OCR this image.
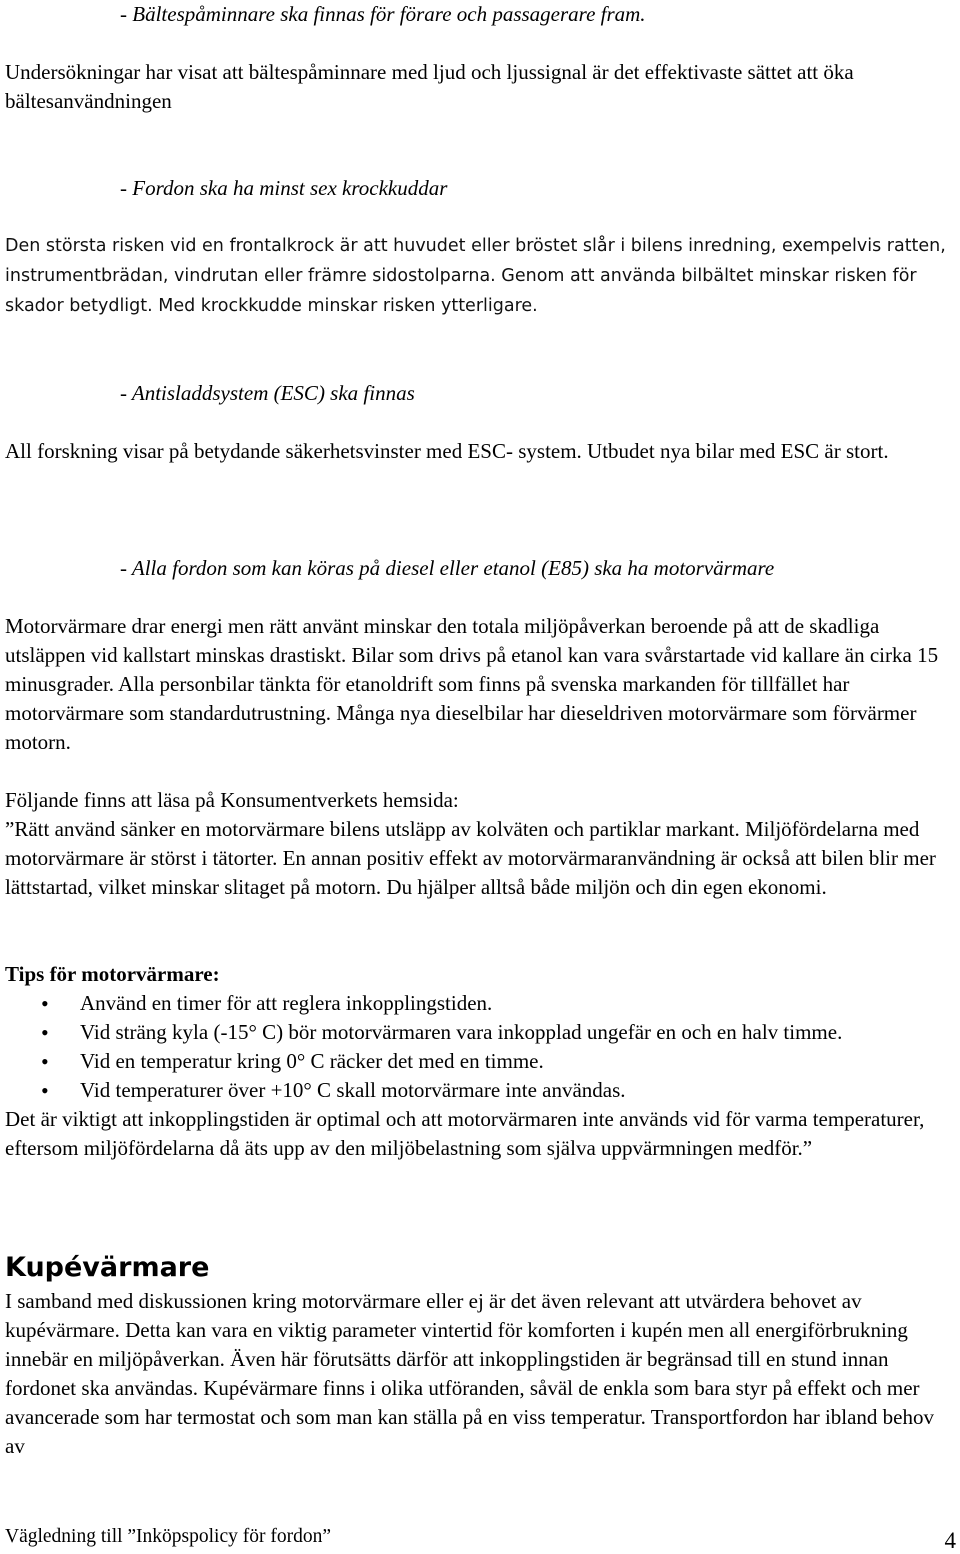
- Bältespåminnare ska finnas för förare och passagerare fram.

Undersökningar har visat att bältespåminnare med ljud och ljussignal är det effektivaste sättet att öka bältesanvändningen

- Fordon ska ha minst sex krockkuddar

Den största risken vid en frontalkrock är att huvudet eller bröstet slår i bilens inredning, exempelvis ratten, instrumentbrädan, vindrutan eller främre sidostolparna. Genom att använda bilbältet minskar risken för skador betydligt. Med krockkudde minskar risken ytterligare.

- Antisladdsystem (ESC) ska finnas

All forskning visar på betydande säkerhetsvinster med ESC- system. Utbudet nya bilar med ESC är stort.

- Alla fordon som kan köras på diesel eller etanol (E85) ska ha motorvärmare

Motorvärmare drar energi men rätt använt minskar den totala miljöpåverkan beroende på att de skadliga utsläppen vid kallstart minskas drastiskt. Bilar som drivs på etanol kan vara svårstartade vid kallare än cirka 15 minusgrader. Alla personbilar tänkta för etanoldrift som finns på svenska markanden för tillfället har motorvärmare som standardutrustning. Många nya dieselbilar har dieseldriven motorvärmare som förvärmer motorn.

Följande finns att läsa på Konsumentverkets hemsida:

”Rätt använd sänker en motorvärmare bilens utsläpp av kolväten och partiklar markant. Miljöfördelarna med motorvärmare är störst i tätorter. En annan positiv effekt av motorvärmaranvändning är också att bilen blir mer lättstartad, vilket minskar slitaget på motorn. Du hjälper alltså både miljön och din egen ekonomi.

Tips för motorvärmare:

• Använd en timer för att reglera inkopplingstiden.
• Vid sträng kyla (-15° C) bör motorvärmaren vara inkopplad ungefär en och en halv timme.
• Vid en temperatur kring 0° C räcker det med en timme.
• Vid temperaturer över +10° C skall motorvärmare inte användas.

Det är viktigt att inkopplingstiden är optimal och att motorvärmaren inte används vid för varma temperaturer, eftersom miljöfördelarna då äts upp av den miljöbelastning som själva uppvärmningen medför.”

Kupévärmare

I samband med diskussionen kring motorvärmare eller ej är det även relevant att utvärdera behovet av kupévärmare. Detta kan vara en viktig parameter vintertid för komforten i kupén men all energiförbrukning innebär en miljöpåverkan. Även här förutsätts därför att inkopplingstiden är begränsad till en stund innan fordonet ska användas. Kupévärmare finns i olika utföranden, såväl de enkla som bara styr på effekt och mer avancerade som har termostat och som man kan ställa på en viss temperatur. Transportfordon har ibland behov av

Vägledning till ”Inköpspolicy för fordon”	4
